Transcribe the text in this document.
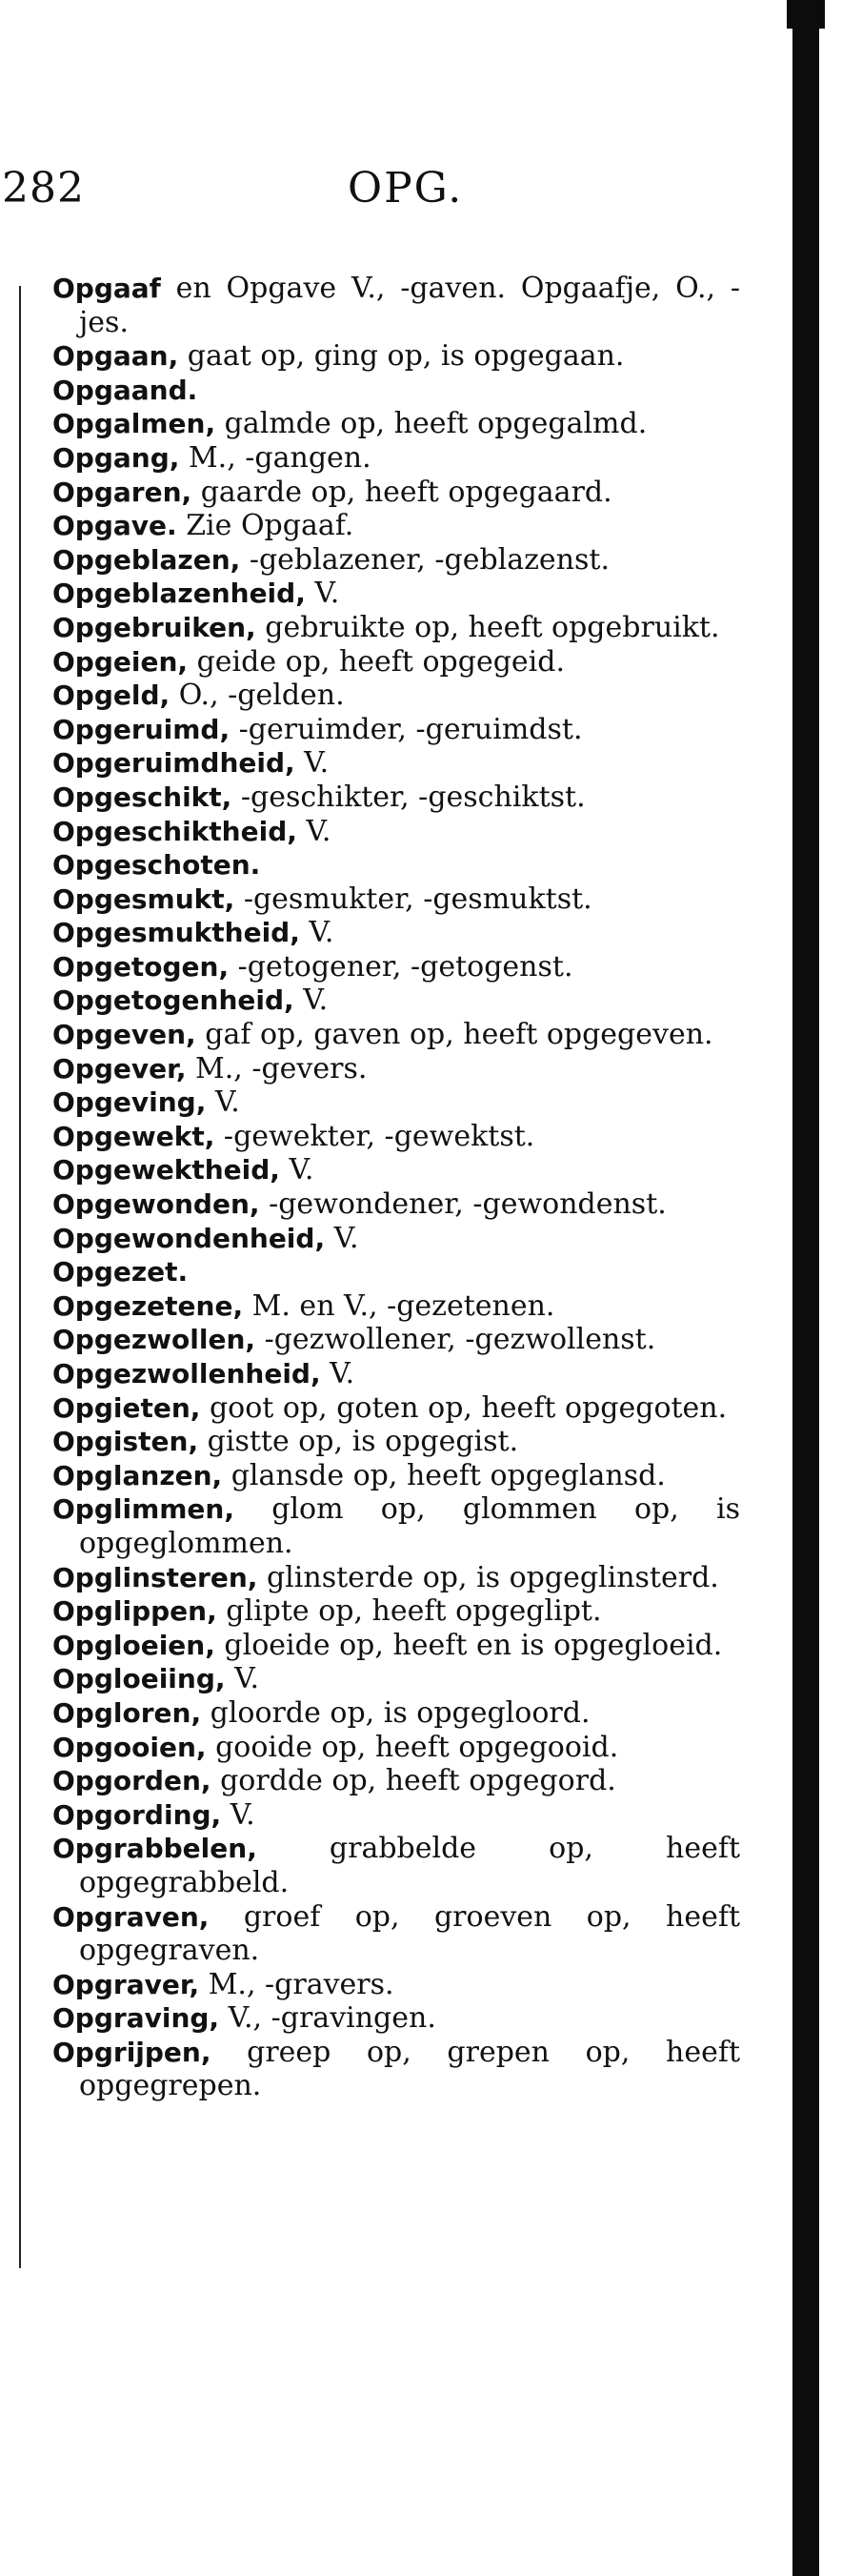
282	OPG.
Opgaaf en Opgave V., -gaven. Opgaafje, O., -jes.
Opgaan, gaat op, ging op, is opgegaan.
Opgaand.
Opgalmen, galmde op, heeft opgegalmd.
Opgang, M., -gangen.
Opgaren, gaarde op, heeft opgegaard.
Opgave. Zie Opgaaf.
Opgeblazen, -geblazener, -geblazenst.
Opgeblazenheid, V.
Opgebruiken, gebruikte op, heeft opgebruikt.
Opgeien, geide op, heeft opgegeid.
Opgeld, O., -gelden.
Opgeruimd, -geruimder, -geruimdst.
Opgeruimdheid, V.
Opgeschikt, -geschikter, -geschiktst.
Opgeschiktheid, V.
Opgeschoten.
Opgesmukt, -gesmukter, -gesmuktst.
Opgesmuktheid, V.
Opgetogen, -getogener, -getogenst.
Opgetogenheid, V.
Opgeven, gaf op, gaven op, heeft opgegeven.
Opgever, M., -gevers.
Opgeving, V.
Opgewekt, -gewekter, -gewektst.
Opgewektheid, V.
Opgewonden, -gewondener, -gewondenst.
Opgewondenheid, V.
Opgezet.
Opgezetene, M. en V., -gezetenen.
Opgezwollen, -gezwollener, -gezwollenst.
Opgezwollenheid, V.
Opgieten, goot op, goten op, heeft opgegoten.
Opgisten, gistte op, is opgegist.
Opglanzen, glansde op, heeft opgeglansd.
Opglimmen, glom op, glommen op, is opgeglommen.
Opglinsteren, glinsterde op, is opgeglinsterd.
Opglippen, glipte op, heeft opgeglipt.
Opgloeien, gloeide op, heeft en is opgegloeid.
Opgloeiing, V.
Opgloren, gloorde op, is opgegloord.
Opgooien, gooide op, heeft opgegooid.
Opgorden, gordde op, heeft opgegord.
Opgording, V.
Opgrabbelen, grabbelde op, heeft opgegrabbeld.
Opgraven, groef op, groeven op, heeft opgegraven.
Opgraver, M., -gravers.
Opgraving, V., -gravingen.
Opgrijpen, greep op, grepen op, heeft opgegrepen.
